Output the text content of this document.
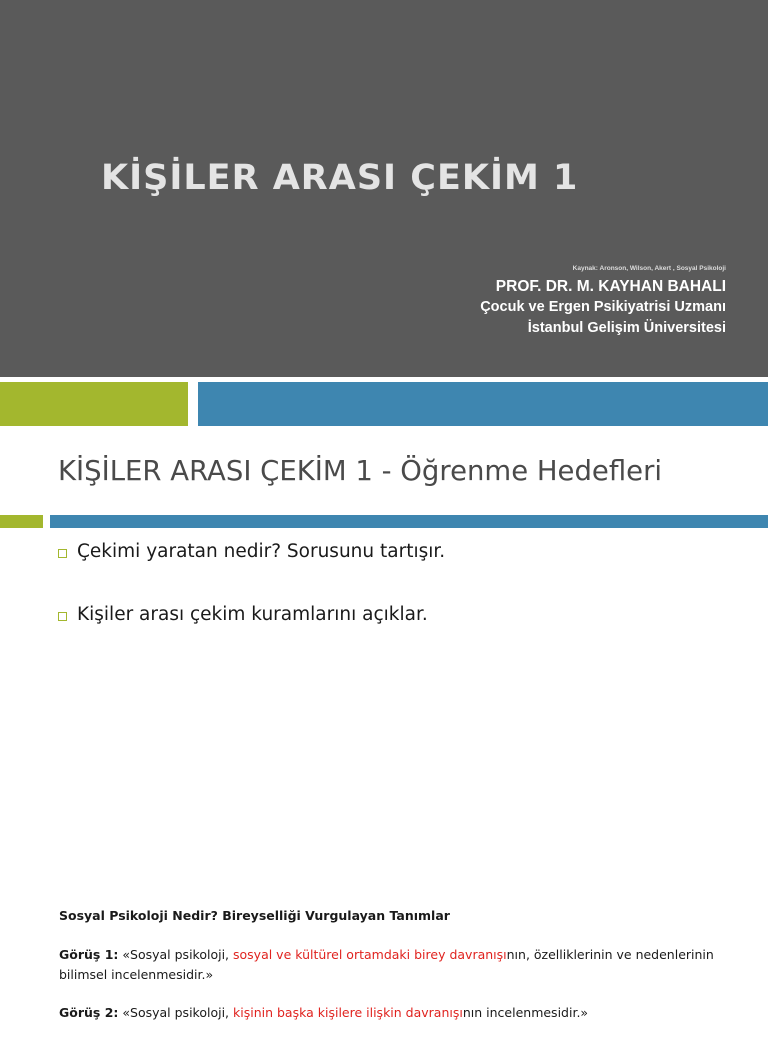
KİŞİLER ARASI ÇEKİM 1
Kaynak: Aronson, Wilson, Akert , Sosyal Psikoloji
PROF. DR. M. KAYHAN BAHALI
Çocuk ve Ergen Psikiyatrisi Uzmanı
İstanbul Gelişim Üniversitesi
KİŞİLER ARASI ÇEKİM 1 - Öğrenme Hedefleri
Çekimi yaratan nedir? Sorusunu tartışır.
Kişiler arası çekim kuramlarını açıklar.
Sosyal Psikoloji Nedir? Bireyselliği Vurgulayan Tanımlar

Görüş 1: «Sosyal psikoloji, sosyal ve kültürel ortamdaki birey davranışının, özelliklerinin ve nedenlerinin bilimsel incelenmesidir.»

Görüş 2: «Sosyal psikoloji, kişinin başka kişilere ilişkin davranışının incelenmesidir.»
